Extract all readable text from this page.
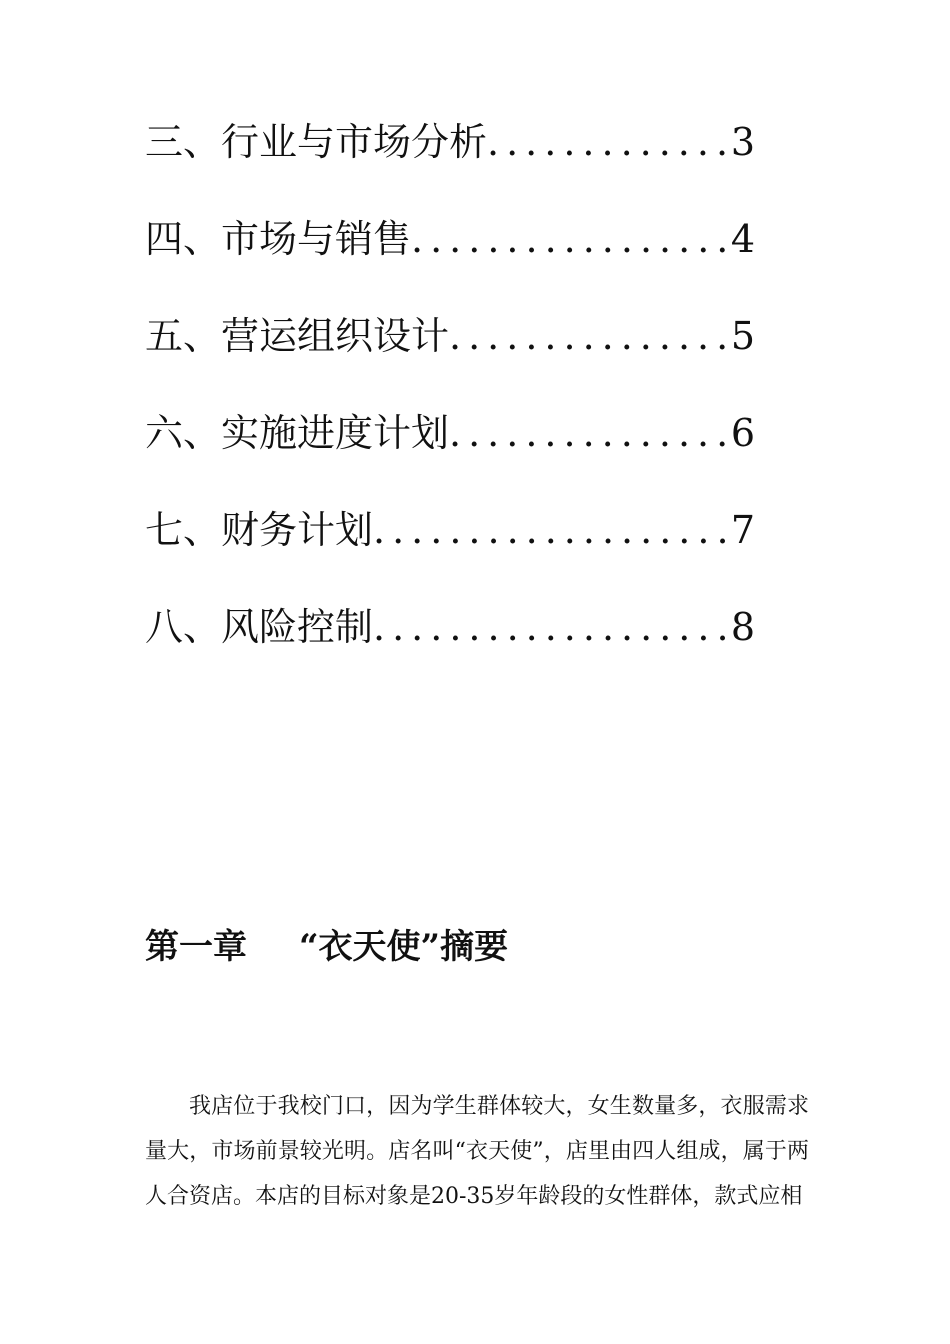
三、行业与市场分析 .....	3
四、市场与销售 .....	4
五、营运组织设计 .....	5
六、实施进度计划 .....	6
七、财务计划 .....	7
八、风险控制 .....	8
第一章 “衣天使”摘要

我店位于我校门口，因为学生群体较大，女生数量多，衣服需求量大，市场前景较光明。店名叫“衣天使”，店里由四人组成，属于两人合资店。本店的目标对象是20-35岁年龄段的女性群体，款式应相
